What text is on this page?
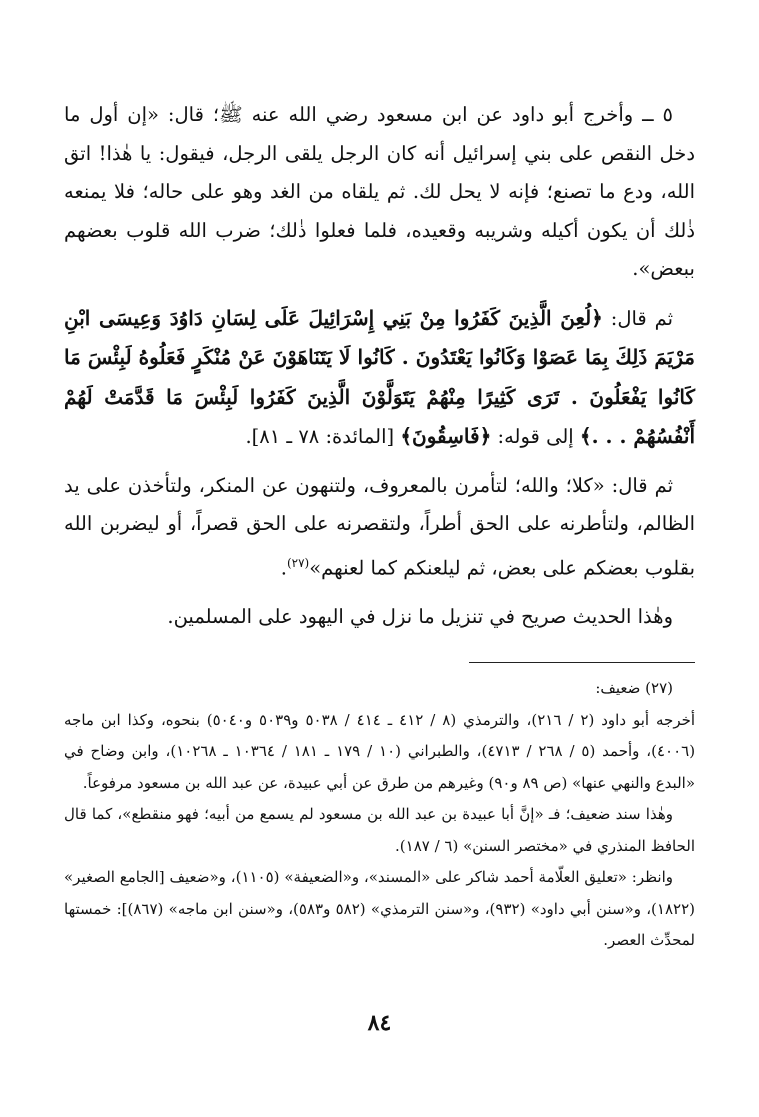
٥ ــ وأخرج أبو داود عن ابن مسعود رضي الله عنه ﷺ؛ قال: «إن أول ما دخل النقص على بني إسرائيل أنه كان الرجل يلقى الرجل، فيقول: يا هٰذا! اتق الله، ودع ما تصنع؛ فإنه لا يحل لك. ثم يلقاه من الغد وهو على حاله؛ فلا يمنعه ذٰلك أن يكون أكيله وشريبه وقعيده، فلما فعلوا ذٰلك؛ ضرب الله قلوب بعضهم ببعض».

ثم قال: ﴿لُعِنَ الَّذِينَ كَفَرُوا مِنْ بَنِي إِسْرَائِيلَ عَلَى لِسَانِ دَاوُدَ وَعِيسَى ابْنِ مَرْيَمَ ذَلِكَ بِمَا عَصَوْا وَكَانُوا يَعْتَدُونَ . كَانُوا لَا يَتَنَاهَوْنَ عَنْ مُنْكَرٍ فَعَلُوهُ لَبِئْسَ مَا كَانُوا يَفْعَلُونَ . تَرَى كَثِيرًا مِنْهُمْ يَتَوَلَّوْنَ الَّذِينَ كَفَرُوا لَبِئْسَ مَا قَدَّمَتْ لَهُمْ أَنْفُسُهُمْ . . .﴾ إلى قوله: ﴿فَاسِقُونَ﴾ [المائدة: ٧٨ ـ ٨١].

ثم قال: «كلا؛ والله؛ لتأمرن بالمعروف، ولتنهون عن المنكر، ولتأخذن على يد الظالم، ولتأطرنه على الحق أطراً، ولتقصرنه على الحق قصراً، أو ليضربن الله بقلوب بعضكم على بعض، ثم ليلعنكم كما لعنهم»$^{(٢٧)}$.

وهٰذا الحديث صريح في تنزيل ما نزل في اليهود على المسلمين.

(٢٧) ضعيف:

أخرجه أبو داود (٢ / ٢١٦)، والترمذي (٨ / ٤١٢ ـ ٤١٤ / ٥٠٣٨ و٥٠٣٩ و٥٠٤٠) بنحوه، وكذا ابن ماجه (٤٠٠٦)، وأحمد (٥ / ٢٦٨ / ٤٧١٣)، والطبراني (١٠ / ١٧٩ ـ ١٨١ / ١٠٣٦٤ ـ ١٠٢٦٨)، وابن وضاح في «البدع والنهي عنها» (ص ٨٩ و٩٠) وغيرهم من طرق عن أبي عبيدة، عن عبد الله بن مسعود مرفوعاً.

وهٰذا سند ضعيف؛ فـ «إنَّ أبا عبيدة بن عبد الله بن مسعود لم يسمع من أبيه؛ فهو منقطع»، كما قال الحافظ المنذري في «مختصر السنن» (٦ / ١٨٧).

وانظر: «تعليق العلّامة أحمد شاكر على «المسند»، و«الضعيفة» (١١٠٥)، و«ضعيف [الجامع الصغير» (١٨٢٢)، و«سنن أبي داود» (٩٣٢)، و«سنن الترمذي» (٥٨٢ و٥٨٣)، و«سنن ابن ماجه» (٨٦٧)]: خمستها لمحدِّث العصر.

٨٤
